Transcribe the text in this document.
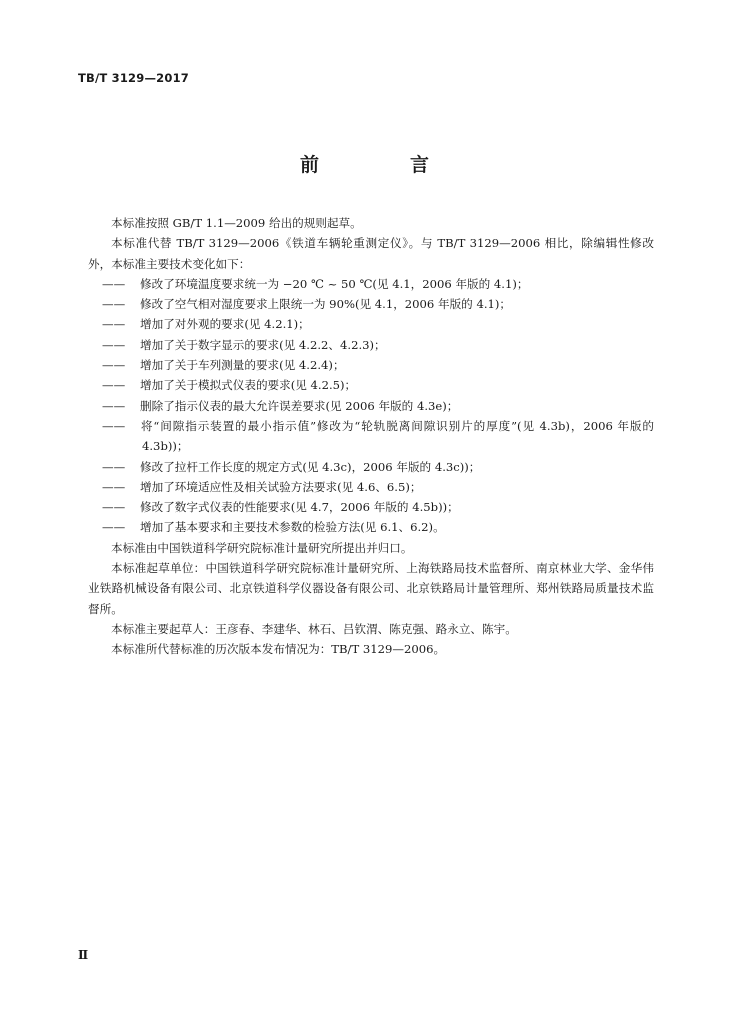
TB/T 3129—2017
前　言

本标准按照 GB/T 1.1—2009 给出的规则起草。

本标准代替 TB/T 3129—2006《铁道车辆轮重测定仪》。与 TB/T 3129—2006 相比，除编辑性修改外，本标准主要技术变化如下：

—— 修改了环境温度要求统一为 −20 ℃ ~ 50 ℃(见 4.1，2006 年版的 4.1)；

—— 修改了空气相对湿度要求上限统一为 90%(见 4.1，2006 年版的 4.1)；

—— 增加了对外观的要求(见 4.2.1)；

—— 增加了关于数字显示的要求(见 4.2.2、4.2.3)；

—— 增加了关于车列测量的要求(见 4.2.4)；

—— 增加了关于模拟式仪表的要求(见 4.2.5)；

—— 删除了指示仪表的最大允许误差要求(见 2006 年版的 4.3e)；

—— 将“间隙指示装置的最小指示值”修改为“轮轨脱离间隙识别片的厚度”(见 4.3b)，2006 年版的 4.3b))；

—— 修改了拉杆工作长度的规定方式(见 4.3c)，2006 年版的 4.3c))；

—— 增加了环境适应性及相关试验方法要求(见 4.6、6.5)；

—— 修改了数字式仪表的性能要求(见 4.7，2006 年版的 4.5b))；

—— 增加了基本要求和主要技术参数的检验方法(见 6.1、6.2)。

本标准由中国铁道科学研究院标准计量研究所提出并归口。

本标准起草单位：中国铁道科学研究院标准计量研究所、上海铁路局技术监督所、南京林业大学、金华伟业铁路机械设备有限公司、北京铁道科学仪器设备有限公司、北京铁路局计量管理所、郑州铁路局质量技术监督所。

本标准主要起草人：王彦春、李建华、林石、吕钦渭、陈克强、路永立、陈宇。

本标准所代替标准的历次版本发布情况为：TB/T 3129—2006。

Ⅱ
